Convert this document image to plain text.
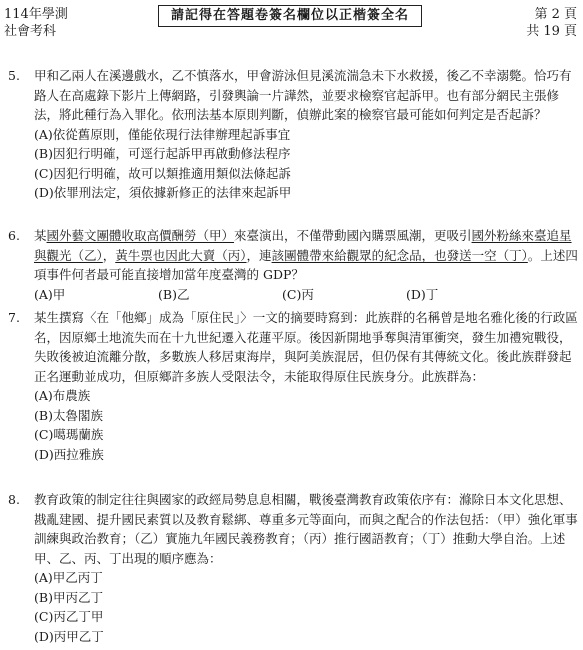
114年學測
社會考科
請記得在答題卷簽名欄位以正楷簽全名	第 2 頁
共 19 頁
5.	甲和乙兩人在溪邊戲水，乙不慎落水，甲會游泳但見溪流湍急未下水救援，後乙不幸溺斃。恰巧有路人在高處錄下影片上傳網路，引發輿論一片譁然，並要求檢察官起訴甲。也有部分網民主張修法，將此種行為入罪化。依刑法基本原則判斷，偵辦此案的檢察官最可能如何判定是否起訴？
(A)依從舊原則，僅能依現行法律辦理起訴事宜
(B)因犯行明確，可逕行起訴甲再啟動修法程序
(C)因犯行明確，故可以類推適用類似法條起訴
(D)依罪刑法定，須依據新修正的法律來起訴甲
6.	某國外藝文團體收取高價酬勞（甲）來臺演出，不僅帶動國內購票風潮，更吸引國外粉絲來臺追星與觀光（乙），黃牛票也因此大賣（丙），連該團體帶來給觀眾的紀念品，也發送一空（丁）。上述四項事件何者最可能直接增加當年度臺灣的 GDP？
(A)甲	(B)乙	(C)丙	(D)丁
7.	某生撰寫〈在「他鄉」成為「原住民」〉一文的摘要時寫到：此族群的名稱曾是地名雅化後的行政區名，因原鄉土地流失而在十九世紀遷入花蓮平原。後因新開地爭奪與清軍衝突，發生加禮宛戰役，失敗後被迫流離分散，多數族人移居東海岸，與阿美族混居，但仍保有其傳統文化。後此族群發起正名運動並成功，但原鄉許多族人受限法令，未能取得原住民族身分。此族群為：
(A)布農族
(B)太魯閣族
(C)噶瑪蘭族
(D)西拉雅族
8.	教育政策的制定往往與國家的政經局勢息息相關，戰後臺灣教育政策依序有：滌除日本文化思想、戡亂建國、提升國民素質以及教育鬆綁、尊重多元等面向，而與之配合的作法包括：（甲）強化軍事訓練與政治教育；（乙）實施九年國民義務教育；（丙）推行國語教育；（丁）推動大學自治。上述甲、乙、丙、丁出現的順序應為：
(A)甲乙丙丁
(B)甲丙乙丁
(C)丙乙丁甲
(D)丙甲乙丁
